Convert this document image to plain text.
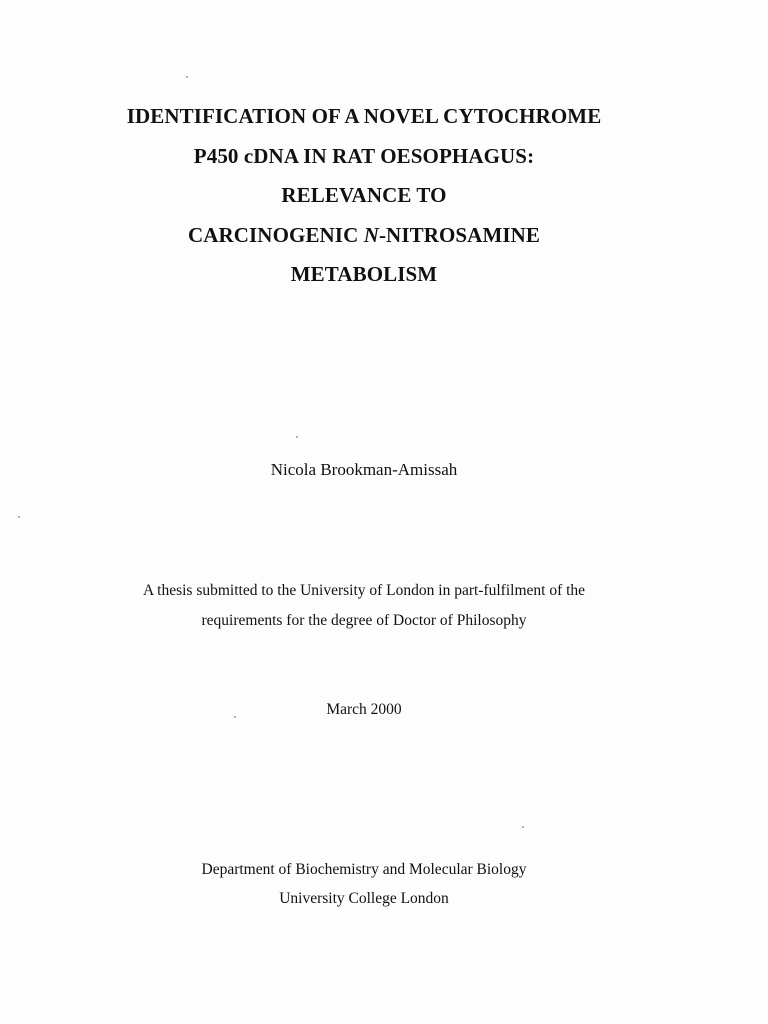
IDENTIFICATION OF A NOVEL CYTOCHROME
P450 cDNA IN RAT OESOPHAGUS:
RELEVANCE TO
CARCINOGENIC N-NITROSAMINE
METABOLISM
Nicola Brookman-Amissah
A thesis submitted to the University of London in part-fulfilment of the
requirements for the degree of Doctor of Philosophy
March 2000
Department of Biochemistry and Molecular Biology
University College London
